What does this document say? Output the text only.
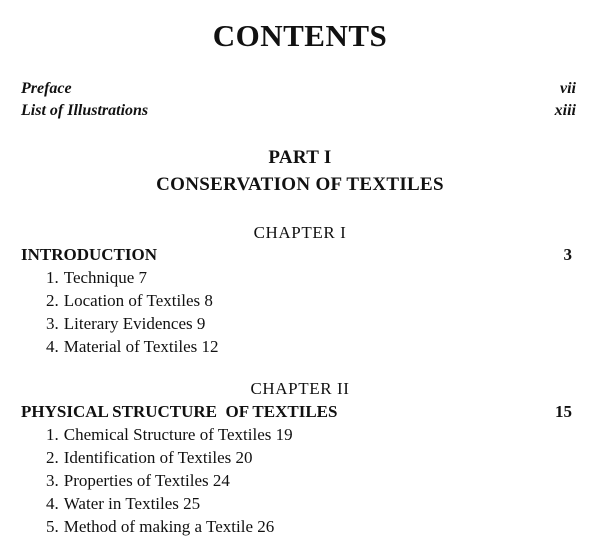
CONTENTS
Preface	vii
List of Illustrations	xiii
PART I
CONSERVATION OF TEXTILES
CHAPTER I
INTRODUCTION	3
1. Technique 7
2. Location of Textiles 8
3. Literary Evidences 9
4. Material of Textiles 12
CHAPTER II
PHYSICAL STRUCTURE  OF TEXTILES	15
1. Chemical Structure of Textiles 19
2. Identification of Textiles 20
3. Properties of Textiles 24
4. Water in Textiles 25
5. Method of making a Textile 26
